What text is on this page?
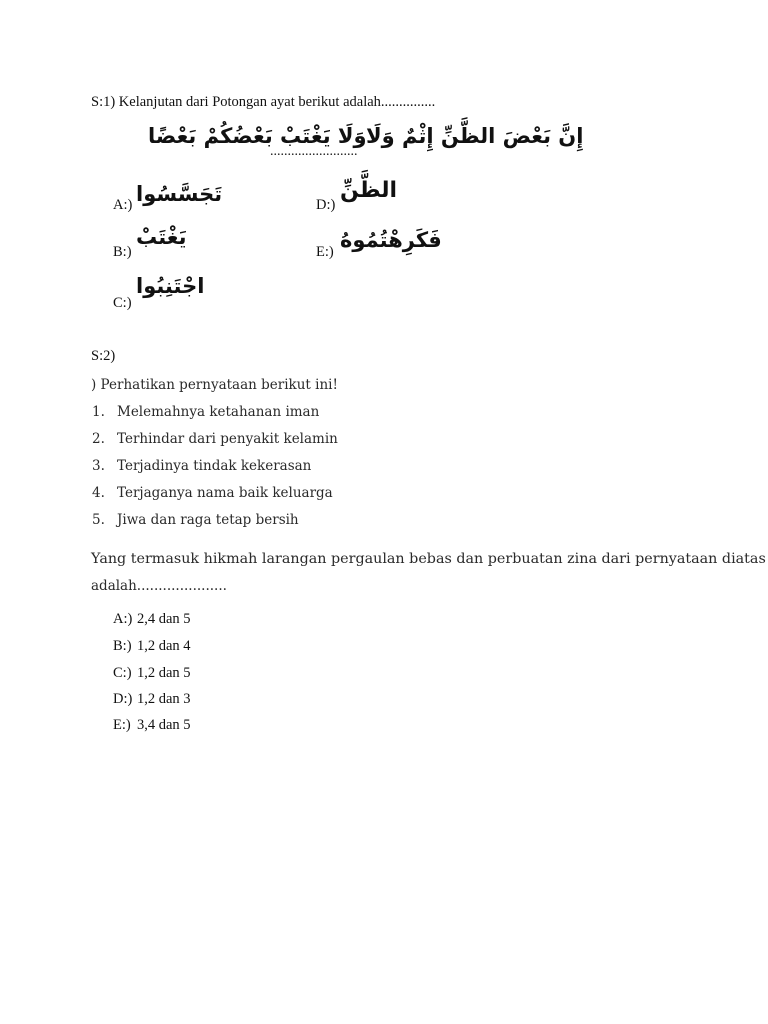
S:1) Kelanjutan dari Potongan ayat berikut adalah...............
وَلَا يَغْتَبْ بَعْضُكُمْ بَعْضًا
.........................
إِنَّ بَعْضَ الظَّنِّ إِثْمٌ وَلَا
A:) تَجَسَّسُوا	D:)
الظَّنِّ
B:)
يَغْتَبْ
E:) فَكَرِهْتُمُوهُ
C:)
اجْتَنِبُوا
S:2)
) Perhatikan pernyataan berikut ini!
1. Melemahnya ketahanan iman
2. Terhindar dari penyakit kelamin
3. Terjadinya tindak kekerasan
4. Terjaganya nama baik keluarga
5. Jiwa dan raga tetap bersih
Yang termasuk hikmah larangan pergaulan bebas dan perbuatan zina dari pernyataan diatas
adalah.....................
A:) 2,4 dan 5
B:) 1,2 dan 4
C:) 1,2 dan 5
D:) 1,2 dan 3
E:) 3,4 dan 5
